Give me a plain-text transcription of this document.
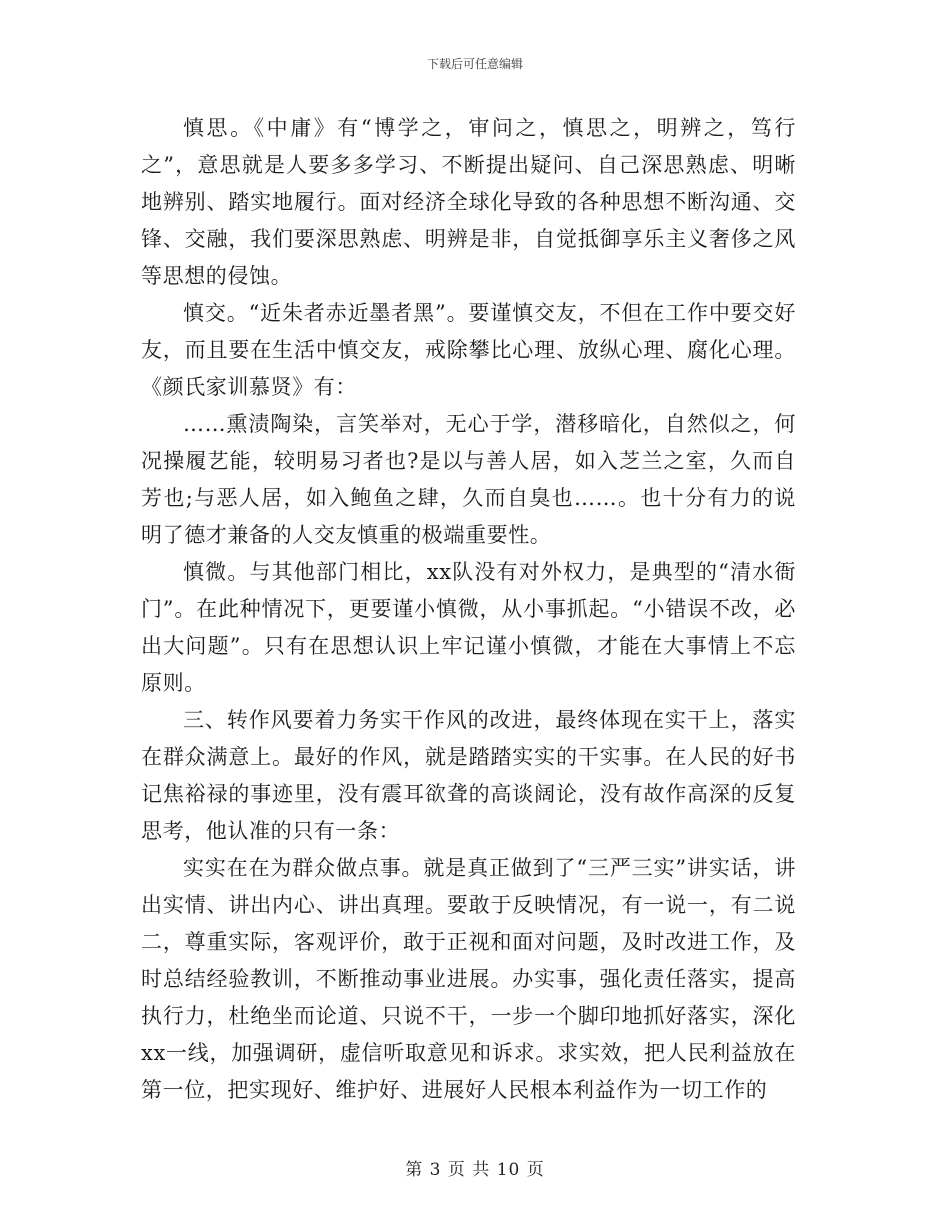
下载后可任意编辑

慎思。《中庸》有“博学之，审问之，慎思之，明辨之，笃行之”，意思就是人要多多学习、不断提出疑问、自己深思熟虑、明晰地辨别、踏实地履行。面对经济全球化导致的各种思想不断沟通、交锋、交融，我们要深思熟虑、明辨是非，自觉抵御享乐主义奢侈之风等思想的侵蚀。

慎交。“近朱者赤近墨者黑”。要谨慎交友，不但在工作中要交好友，而且要在生活中慎交友，戒除攀比心理、放纵心理、腐化心理。《颜氏家训慕贤》有：

……熏渍陶染，言笑举对，无心于学，潜移暗化，自然似之，何况操履艺能，较明易习者也?是以与善人居，如入芝兰之室，久而自芳也;与恶人居，如入鲍鱼之肆，久而自臭也……。也十分有力的说明了德才兼备的人交友慎重的极端重要性。

慎微。与其他部门相比，xx队没有对外权力，是典型的“清水衙门”。在此种情况下，更要谨小慎微，从小事抓起。“小错误不改，必出大问题”。只有在思想认识上牢记谨小慎微，才能在大事情上不忘原则。

三、转作风要着力务实干作风的改进，最终体现在实干上，落实在群众满意上。最好的作风，就是踏踏实实的干实事。在人民的好书记焦裕禄的事迹里，没有震耳欲聋的高谈阔论，没有故作高深的反复思考，他认准的只有一条：

实实在在为群众做点事。就是真正做到了“三严三实”讲实话，讲出实情、讲出内心、讲出真理。要敢于反映情况，有一说一，有二说二，尊重实际，客观评价，敢于正视和面对问题，及时改进工作，及时总结经验教训，不断推动事业进展。办实事，强化责任落实，提高执行力，杜绝坐而论道、只说不干，一步一个脚印地抓好落实，深化xx一线，加强调研，虚信听取意见和诉求。求实效，把人民利益放在第一位，把实现好、维护好、进展好人民根本利益作为一切工作的

第 3 页 共 10 页
